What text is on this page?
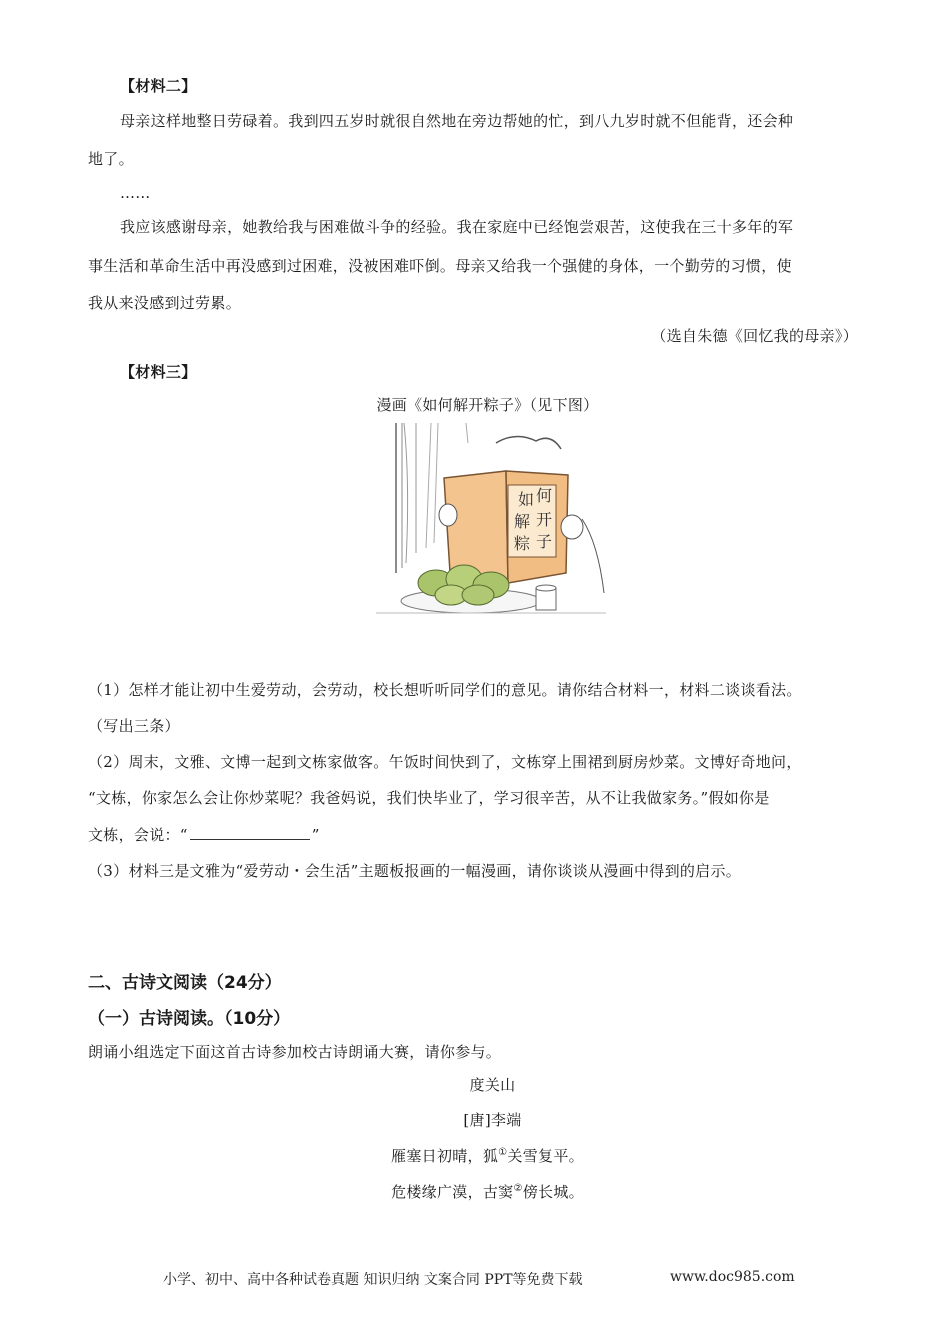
【材料二】
母亲这样地整日劳碌着。我到四五岁时就很自然地在旁边帮她的忙，到八九岁时就不但能背，还会种
地了。
……
我应该感谢母亲，她教给我与困难做斗争的经验。我在家庭中已经饱尝艰苦，这使我在三十多年的军
事生活和革命生活中再没感到过困难，没被困难吓倒。母亲又给我一个强健的身体，一个勤劳的习惯，使
我从来没感到过劳累。
（选自朱德《回忆我的母亲》）
【材料三】
漫画《如何解开粽子》（见下图）
如 何
解 开
粽 子
（1）怎样才能让初中生爱劳动，会劳动，校长想听听同学们的意见。请你结合材料一，材料二谈谈看法。
（写出三条）
（2）周末，文雅、文博一起到文栋家做客。午饭时间快到了，文栋穿上围裙到厨房炒菜。文博好奇地问，
“文栋，你家怎么会让你炒菜呢？我爸妈说，我们快毕业了，学习很辛苦，从不让我做家务。”假如你是
文栋，会说：“	”
（3）材料三是文雅为“爱劳动・会生活”主题板报画的一幅漫画，请你谈谈从漫画中得到的启示。
二、古诗文阅读（24分）
（一）古诗阅读。（10分）
朗诵小组选定下面这首古诗参加校古诗朗诵大赛，请你参与。
度关山
[唐]李端
雁塞日初晴，狐①关雪复平。
危楼缘广漠，古窦②傍长城。
小学、初中、高中各种试卷真题 知识归纳 文案合同 PPT等免费下载	www.doc985.com
